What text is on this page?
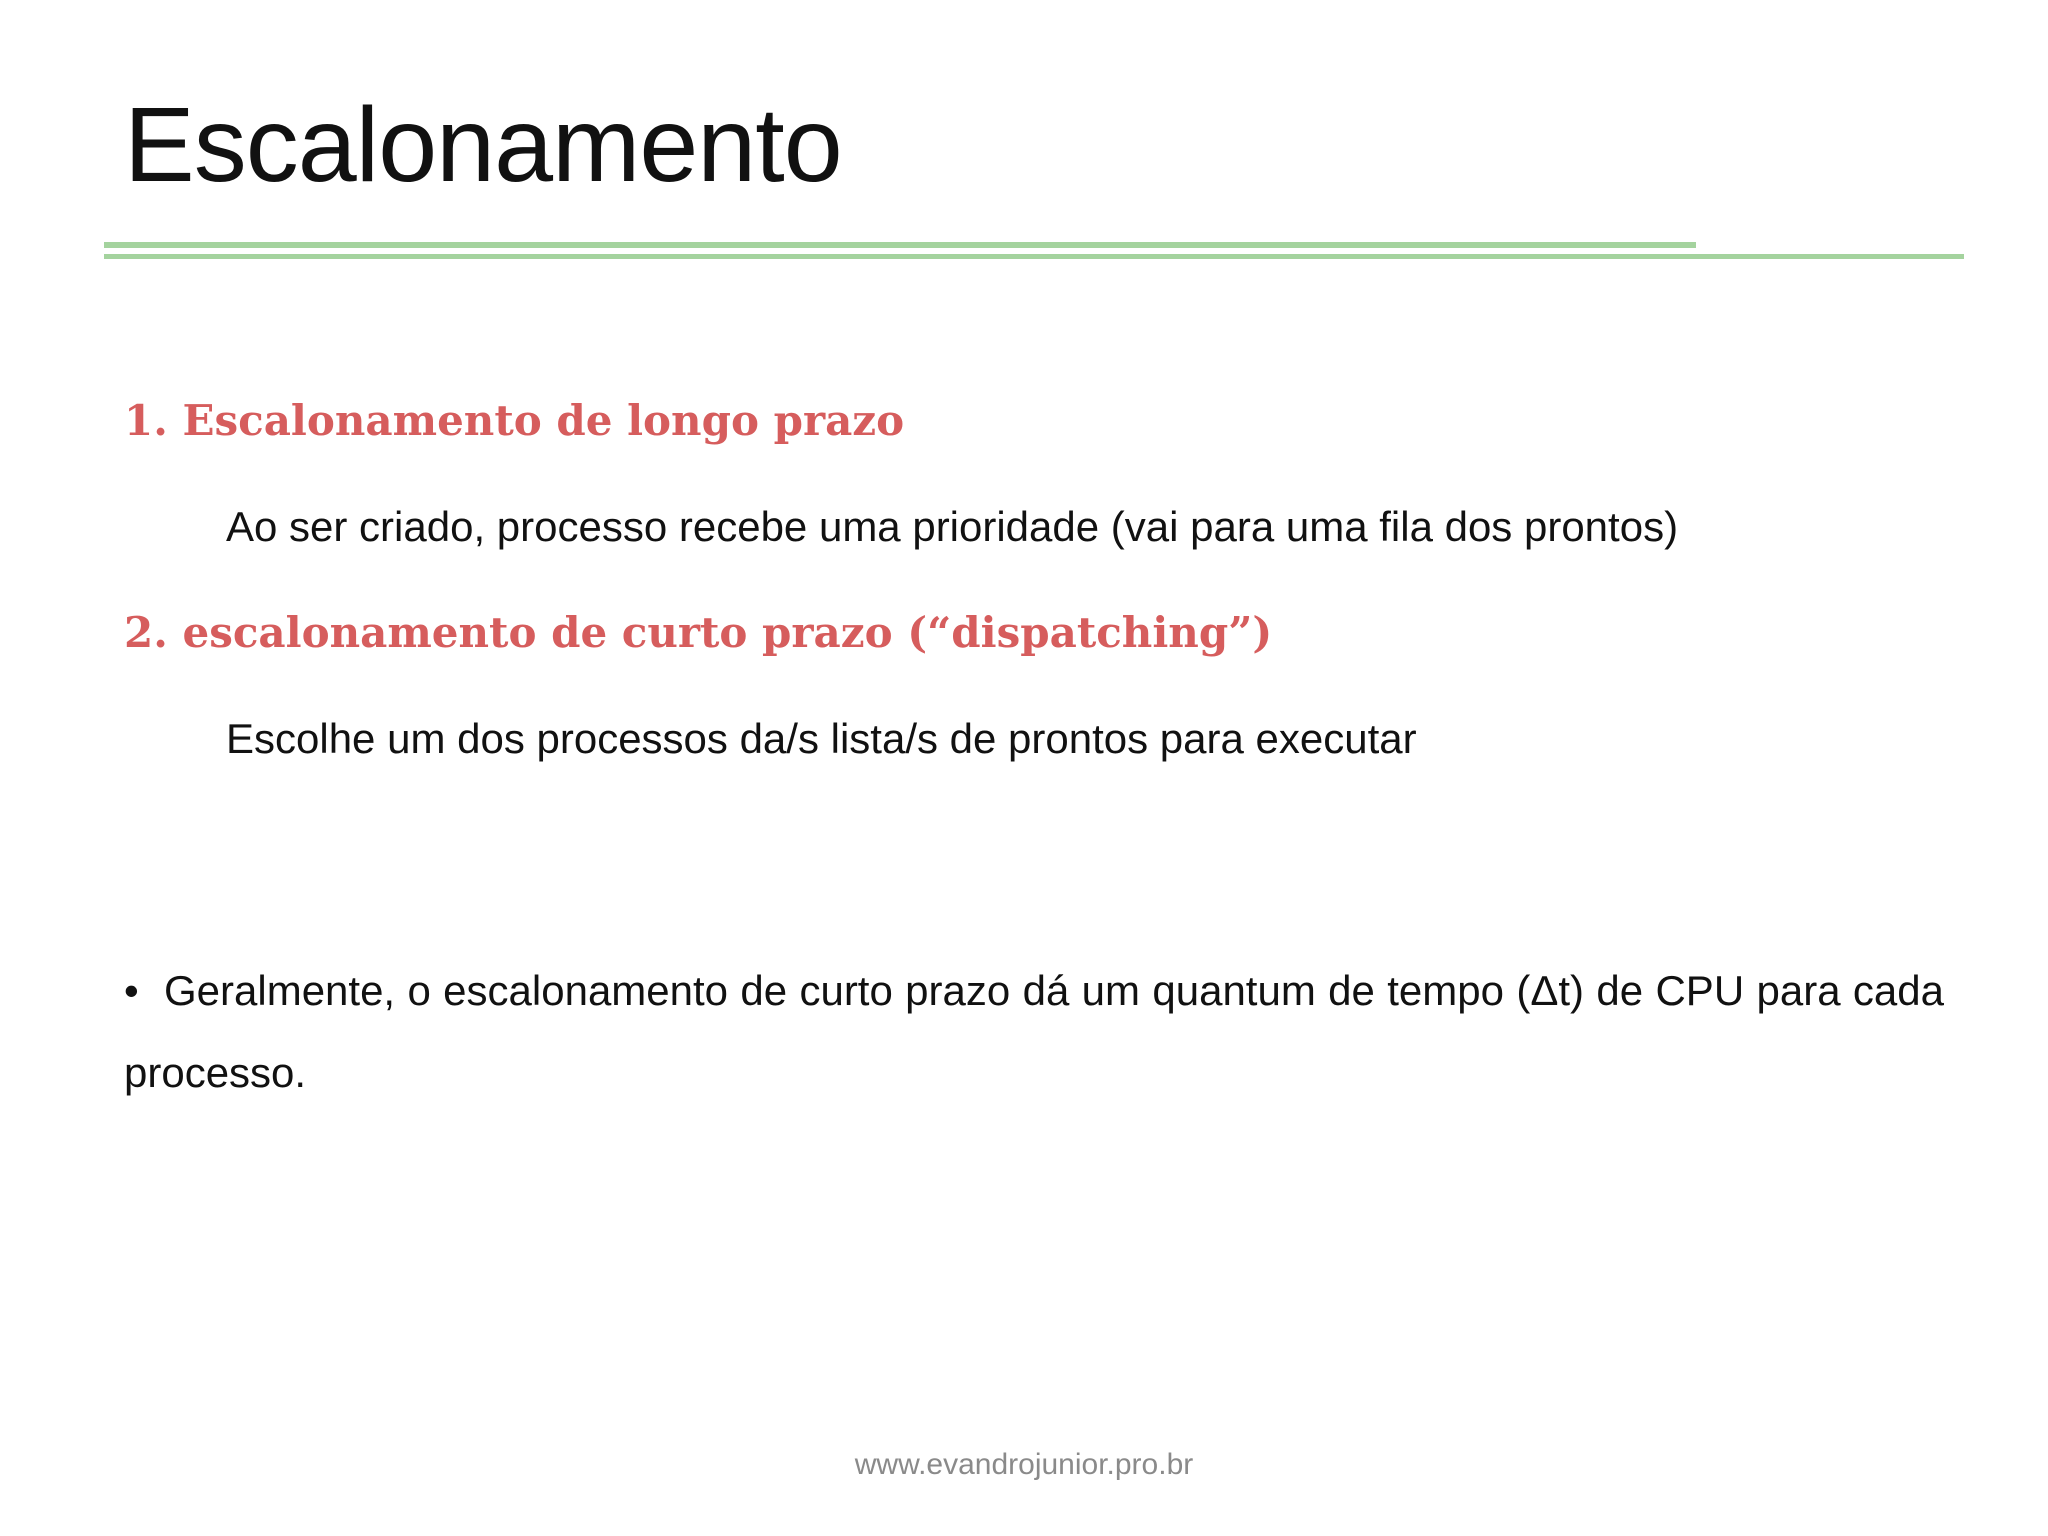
Escalonamento

1. Escalonamento de longo prazo

Ao ser criado, processo recebe uma prioridade (vai para uma fila dos prontos)

2. escalonamento de curto prazo (“dispatching”)

Escolhe um dos processos da/s lista/s de prontos para executar

• Geralmente, o escalonamento de curto prazo dá um quantum de tempo (Δt) de CPU para cada processo.
www.evandrojunior.pro.br
